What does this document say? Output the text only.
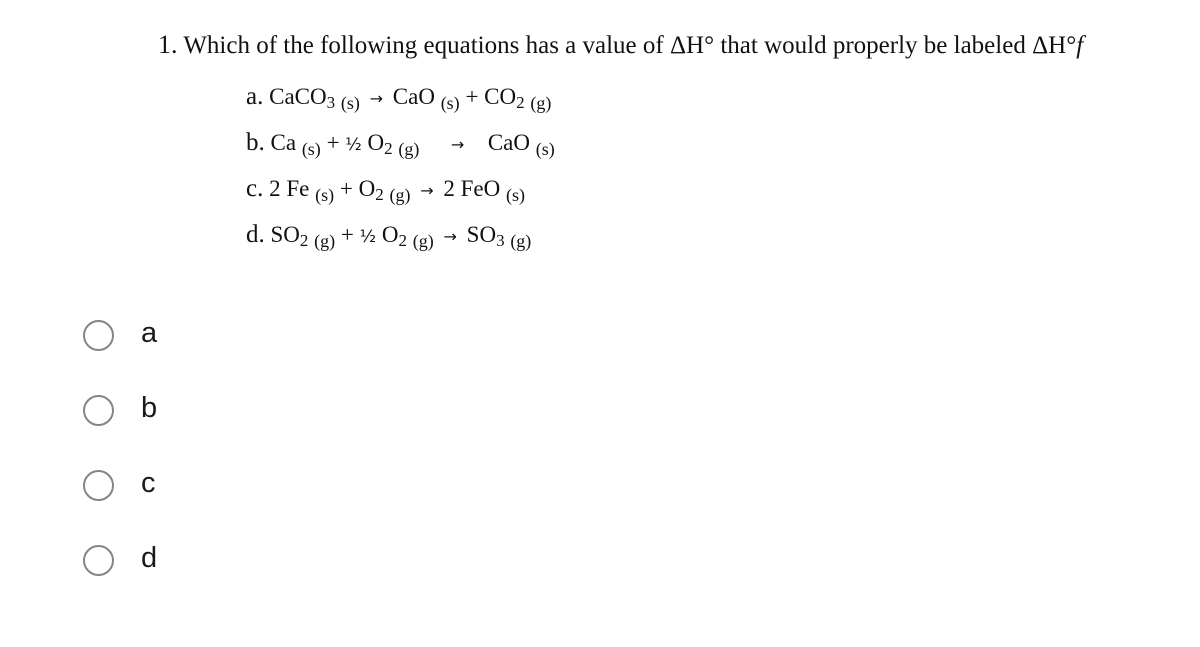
1. Which of the following equations has a value of ΔH° that would properly be labeled ΔH°f
a. CaCO$_3$ $_{(s)}$ → CaO $_{(s)} + CO_2$ $_{(g)}$
b. Ca $_{(s)}$ + ½ $O_2$ $_{(g)}$ → CaO $_{(s)}$
c. 2 Fe $_{(s)} + O_2$ $_{(g)}$ → 2 FeO $_{(s)}$
d. $SO_2$ $_{(g)}$ + ½ $O_2$ $_{(g)} \to SO_3$ $_{(g)}$
a
b
c
d
